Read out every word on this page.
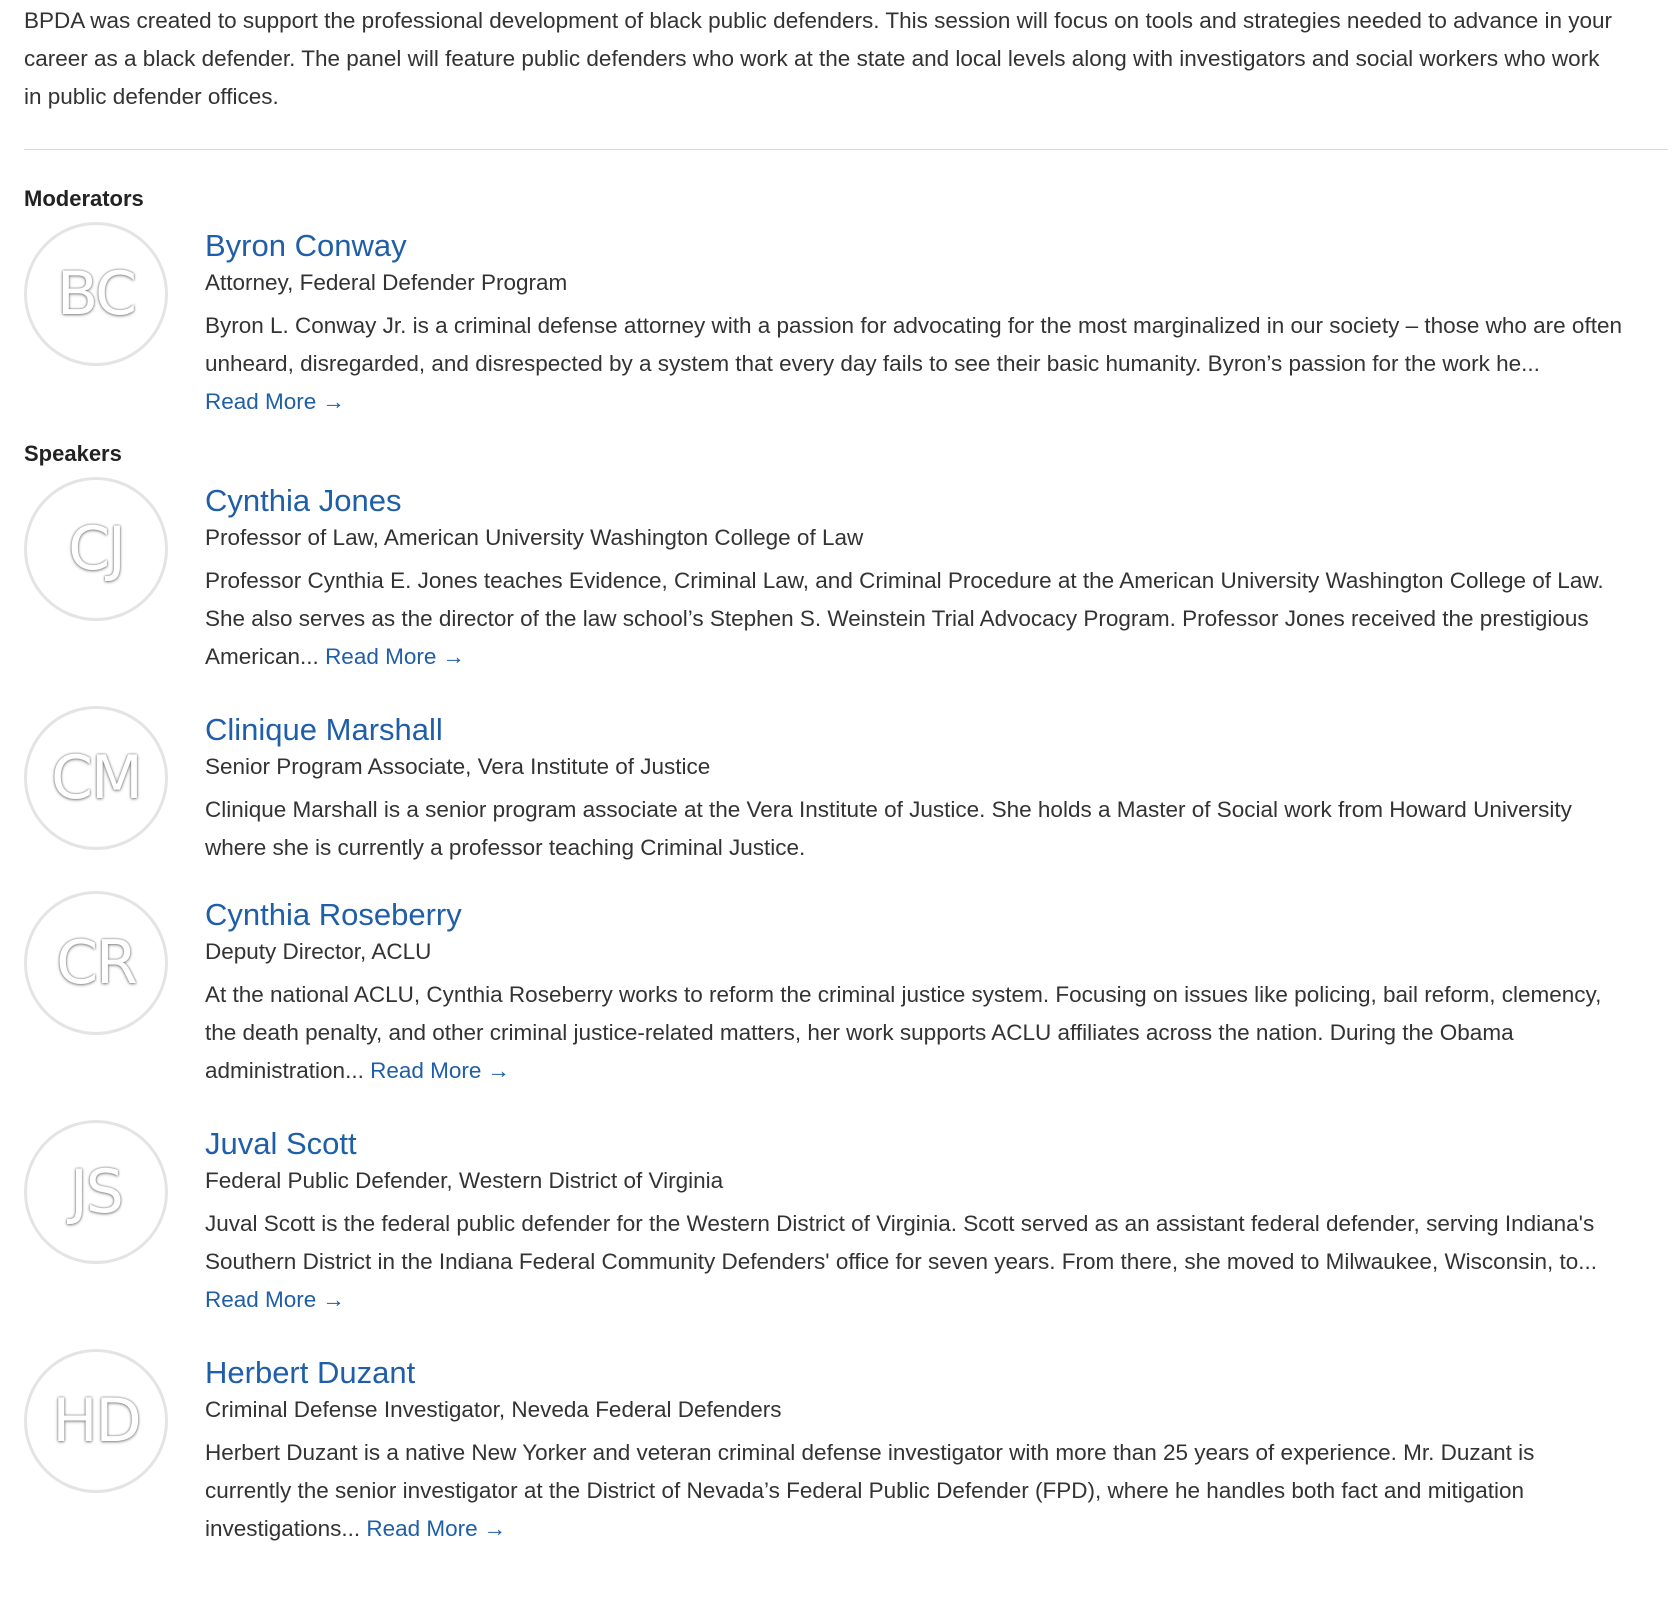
BPDA was created to support the professional development of black public defenders. This session will focus on tools and strategies needed to advance in your career as a black defender. The panel will feature public defenders who work at the state and local levels along with investigators and social workers who work in public defender offices.

Moderators
BC
Byron Conway
Attorney, Federal Defender Program

Byron L. Conway Jr. is a criminal defense attorney with a passion for advocating for the most marginalized in our society – those who are often unheard, disregarded, and disrespected by a system that every day fails to see their basic humanity. Byron’s passion for the work he... Read More →

Speakers
CJ
Cynthia Jones
Professor of Law, American University Washington College of Law

Professor Cynthia E. Jones teaches Evidence, Criminal Law, and Criminal Procedure at the American University Washington College of Law. She also serves as the director of the law school’s Stephen S. Weinstein Trial Advocacy Program. Professor Jones received the prestigious American... Read More →

CM
Clinique Marshall
Senior Program Associate, Vera Institute of Justice

Clinique Marshall is a senior program associate at the Vera Institute of Justice. She holds a Master of Social work from Howard University where she is currently a professor teaching Criminal Justice.

CR
Cynthia Roseberry
Deputy Director, ACLU

At the national ACLU, Cynthia Roseberry works to reform the criminal justice system. Focusing on issues like policing, bail reform, clemency, the death penalty, and other criminal justice-related matters, her work supports ACLU affiliates across the nation. During the Obama administration... Read More →

JS
Juval Scott
Federal Public Defender, Western District of Virginia

Juval Scott is the federal public defender for the Western District of Virginia. Scott served as an assistant federal defender, serving Indiana's Southern District in the Indiana Federal Community Defenders' office for seven years. From there, she moved to Milwaukee, Wisconsin, to... Read More →

HD
Herbert Duzant
Criminal Defense Investigator, Neveda Federal Defenders

Herbert Duzant is a native New Yorker and veteran criminal defense investigator with more than 25 years of experience. Mr. Duzant is currently the senior investigator at the District of Nevada’s Federal Public Defender (FPD), where he handles both fact and mitigation investigations... Read More →
